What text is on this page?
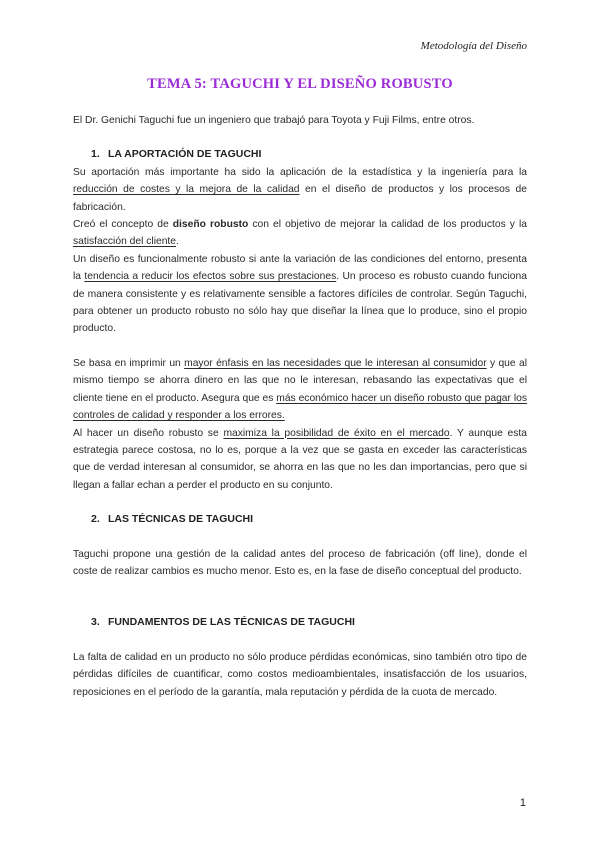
Metodología del Diseño
TEMA 5: TAGUCHI Y EL DISEÑO ROBUSTO

El Dr. Genichi Taguchi fue un ingeniero que trabajó para Toyota y Fuji Films, entre otros.

1. LA APORTACIÓN DE TAGUCHI

Su aportación más importante ha sido la aplicación de la estadística y la ingeniería para la reducción de costes y la mejora de la calidad en el diseño de productos y los procesos de fabricación.

Creó el concepto de diseño robusto con el objetivo de mejorar la calidad de los productos y la satisfacción del cliente.

Un diseño es funcionalmente robusto si ante la variación de las condiciones del entorno, presenta la tendencia a reducir los efectos sobre sus prestaciones. Un proceso es robusto cuando funciona de manera consistente y es relativamente sensible a factores difíciles de controlar. Según Taguchi, para obtener un producto robusto no sólo hay que diseñar la línea que lo produce, sino el propio producto.

Se basa en imprimir un mayor énfasis en las necesidades que le interesan al consumidor y que al mismo tiempo se ahorra dinero en las que no le interesan, rebasando las expectativas que el cliente tiene en el producto. Asegura que es más económico hacer un diseño robusto que pagar los controles de calidad y responder a los errores.

Al hacer un diseño robusto se maximiza la posibilidad de éxito en el mercado. Y aunque esta estrategia parece costosa, no lo es, porque a la vez que se gasta en exceder las características que de verdad interesan al consumidor, se ahorra en las que no les dan importancias, pero que si llegan a fallar echan a perder el producto en su conjunto.

2. LAS TÉCNICAS DE TAGUCHI

Taguchi propone una gestión de la calidad antes del proceso de fabricación (off line), donde el coste de realizar cambios es mucho menor. Esto es, en la fase de diseño conceptual del producto.

3. FUNDAMENTOS DE LAS TÉCNICAS DE TAGUCHI

La falta de calidad en un producto no sólo produce pérdidas económicas, sino también otro tipo de pérdidas difíciles de cuantificar, como costos medioambientales, insatisfacción de los usuarios, reposiciones en el período de la garantía, mala reputación y pérdida de la cuota de mercado.

1
